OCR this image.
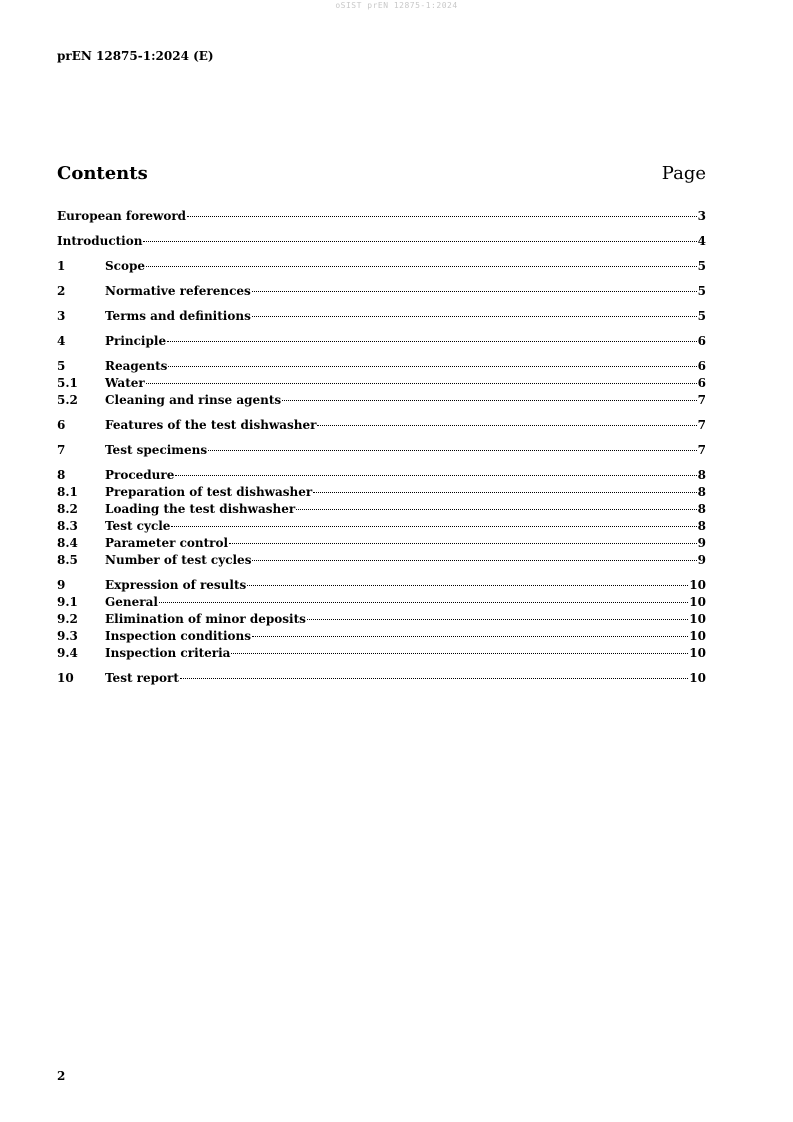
oSIST prEN 12875-1:2024
prEN 12875-1:2024 (E)
Contents	Page
European foreword	3
Introduction	4
1	Scope	5
2	Normative references	5
3	Terms and definitions	5
4	Principle	6
5	Reagents	6
5.1	Water	6
5.2	Cleaning and rinse agents	7
6	Features of the test dishwasher	7
7	Test specimens	7
8	Procedure	8
8.1	Preparation of test dishwasher	8
8.2	Loading the test dishwasher	8
8.3	Test cycle	8
8.4	Parameter control	9
8.5	Number of test cycles	9
9	Expression of results	10
9.1	General	10
9.2	Elimination of minor deposits	10
9.3	Inspection conditions	10
9.4	Inspection criteria	10
10	Test report	10
2
